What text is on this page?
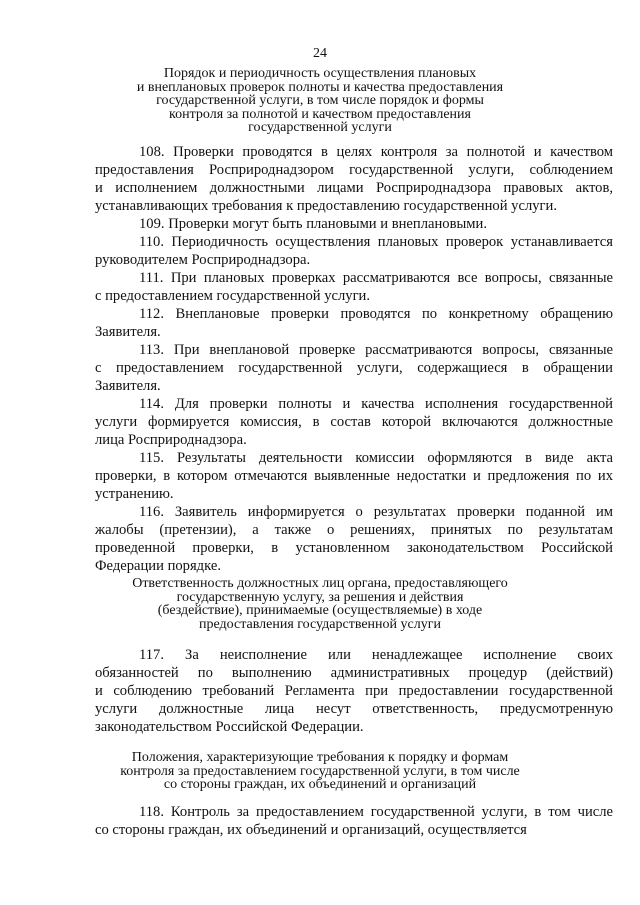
24
Порядок и периодичность осуществления плановых
и внеплановых проверок полноты и качества предоставления
государственной услуги, в том числе порядок и формы
контроля за полнотой и качеством предоставления
государственной услуги
108. Проверки проводятся в целях контроля за полнотой и качеством
предоставления Росприроднадзором государственной услуги, соблюдением
и исполнением должностными лицами Росприроднадзора правовых актов,
устанавливающих требования к предоставлению государственной услуги.
109. Проверки могут быть плановыми и внеплановыми.
110. Периодичность осуществления плановых проверок устанавливается
руководителем Росприроднадзора.
111. При плановых проверках рассматриваются все вопросы, связанные
с предоставлением государственной услуги.
112. Внеплановые проверки проводятся по конкретному обращению
Заявителя.
113. При внеплановой проверке рассматриваются вопросы, связанные
с предоставлением государственной услуги, содержащиеся в обращении
Заявителя.
114. Для проверки полноты и качества исполнения государственной
услуги формируется комиссия, в состав которой включаются должностные
лица Росприроднадзора.
115. Результаты деятельности комиссии оформляются в виде акта
проверки, в котором отмечаются выявленные недостатки и предложения по их
устранению.
116. Заявитель информируется о результатах проверки поданной им
жалобы (претензии), а также о решениях, принятых по результатам
проведенной проверки, в установленном законодательством Российской
Федерации порядке.
Ответственность должностных лиц органа, предоставляющего
государственную услугу, за решения и действия
(бездействие), принимаемые (осуществляемые) в ходе
предоставления государственной услуги
117. За неисполнение или ненадлежащее исполнение своих
обязанностей по выполнению административных процедур (действий)
и соблюдению требований Регламента при предоставлении государственной
услуги должностные лица несут ответственность, предусмотренную
законодательством Российской Федерации.
Положения, характеризующие требования к порядку и формам
контроля за предоставлением государственной услуги, в том числе
со стороны граждан, их объединений и организаций
118. Контроль за предоставлением государственной услуги, в том числе
со стороны граждан, их объединений и организаций, осуществляется
